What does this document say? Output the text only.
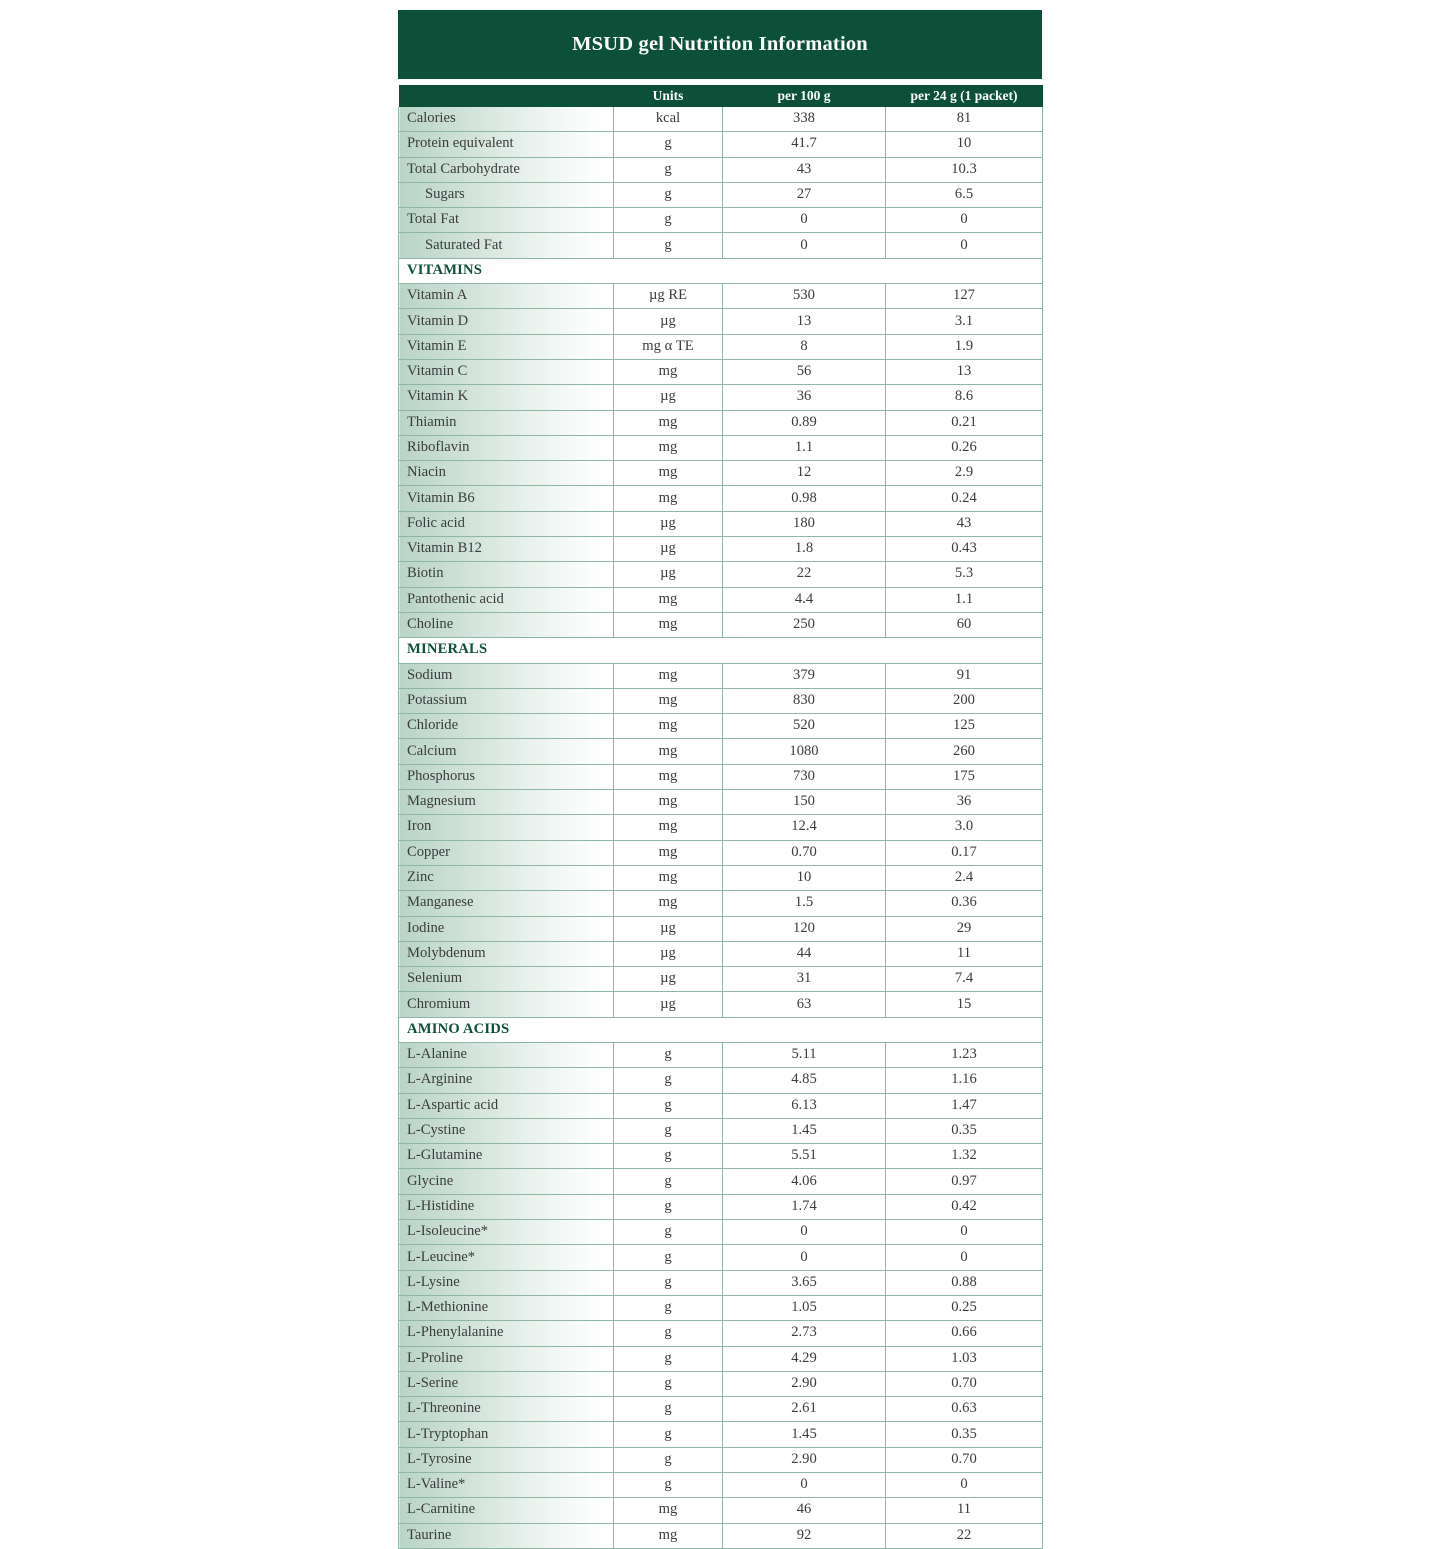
MSUD gel Nutrition Information
	Units	per 100 g	per 24 g (1 packet)
Calories	kcal	338	81
Protein equivalent	g	41.7	10
Total Carbohydrate	g	43	10.3
Sugars	g	27	6.5
Total Fat	g	0	0
Saturated Fat	g	0	0
VITAMINS			
Vitamin A	µg RE	530	127
Vitamin D	µg	13	3.1
Vitamin E	mg α TE	8	1.9
Vitamin C	mg	56	13
Vitamin K	µg	36	8.6
Thiamin	mg	0.89	0.21
Riboflavin	mg	1.1	0.26
Niacin	mg	12	2.9
Vitamin B6	mg	0.98	0.24
Folic acid	µg	180	43
Vitamin B12	µg	1.8	0.43
Biotin	µg	22	5.3
Pantothenic acid	mg	4.4	1.1
Choline	mg	250	60
MINERALS			
Sodium	mg	379	91
Potassium	mg	830	200
Chloride	mg	520	125
Calcium	mg	1080	260
Phosphorus	mg	730	175
Magnesium	mg	150	36
Iron	mg	12.4	3.0
Copper	mg	0.70	0.17
Zinc	mg	10	2.4
Manganese	mg	1.5	0.36
Iodine	µg	120	29
Molybdenum	µg	44	11
Selenium	µg	31	7.4
Chromium	µg	63	15
AMINO ACIDS			
L-Alanine	g	5.11	1.23
L-Arginine	g	4.85	1.16
L-Aspartic acid	g	6.13	1.47
L-Cystine	g	1.45	0.35
L-Glutamine	g	5.51	1.32
Glycine	g	4.06	0.97
L-Histidine	g	1.74	0.42
L-Isoleucine*	g	0	0
L-Leucine*	g	0	0
L-Lysine	g	3.65	0.88
L-Methionine	g	1.05	0.25
L-Phenylalanine	g	2.73	0.66
L-Proline	g	4.29	1.03
L-Serine	g	2.90	0.70
L-Threonine	g	2.61	0.63
L-Tryptophan	g	1.45	0.35
L-Tyrosine	g	2.90	0.70
L-Valine*	g	0	0
L-Carnitine	mg	46	11
Taurine	mg	92	22
